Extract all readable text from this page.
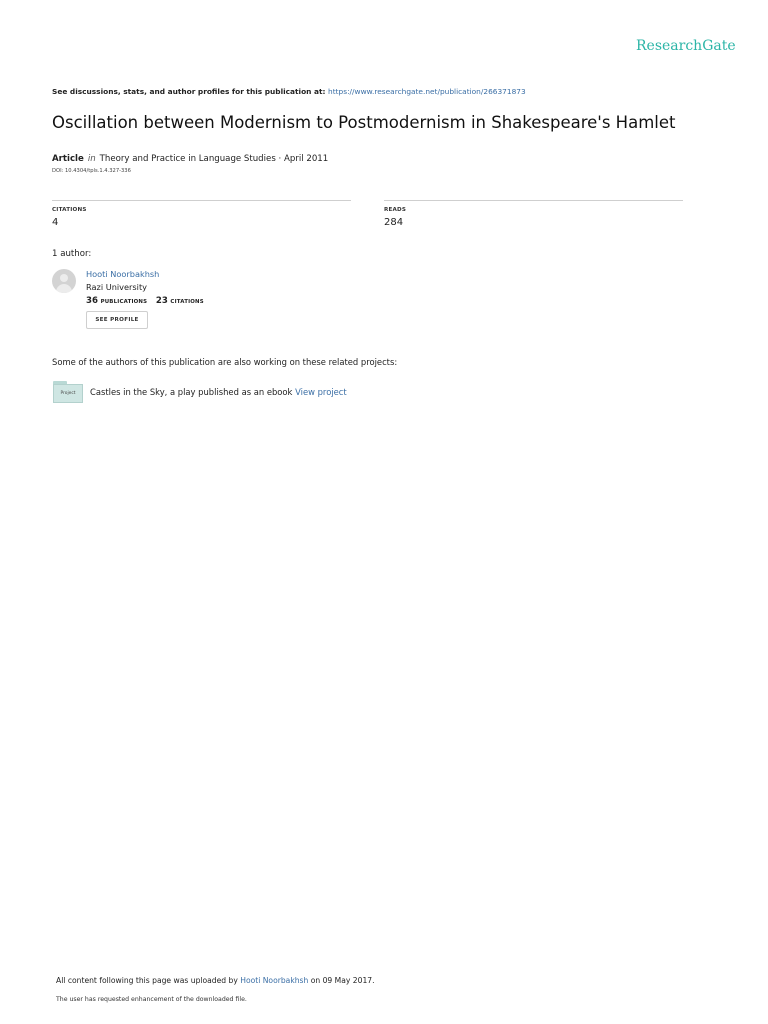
ResearchGate
See discussions, stats, and author profiles for this publication at: https://www.researchgate.net/publication/266371873
Oscillation between Modernism to Postmodernism in Shakespeare's Hamlet
Article in Theory and Practice in Language Studies · April 2011
DOI: 10.4304/tpls.1.4.327-336
CITATIONS
4
READS
284
1 author:
Hooti Noorbakhsh
Razi University
36 PUBLICATIONS 23 CITATIONS
SEE PROFILE
Some of the authors of this publication are also working on these related projects:
Project	Castles in the Sky, a play published as an ebook View project
All content following this page was uploaded by Hooti Noorbakhsh on 09 May 2017.
The user has requested enhancement of the downloaded file.
